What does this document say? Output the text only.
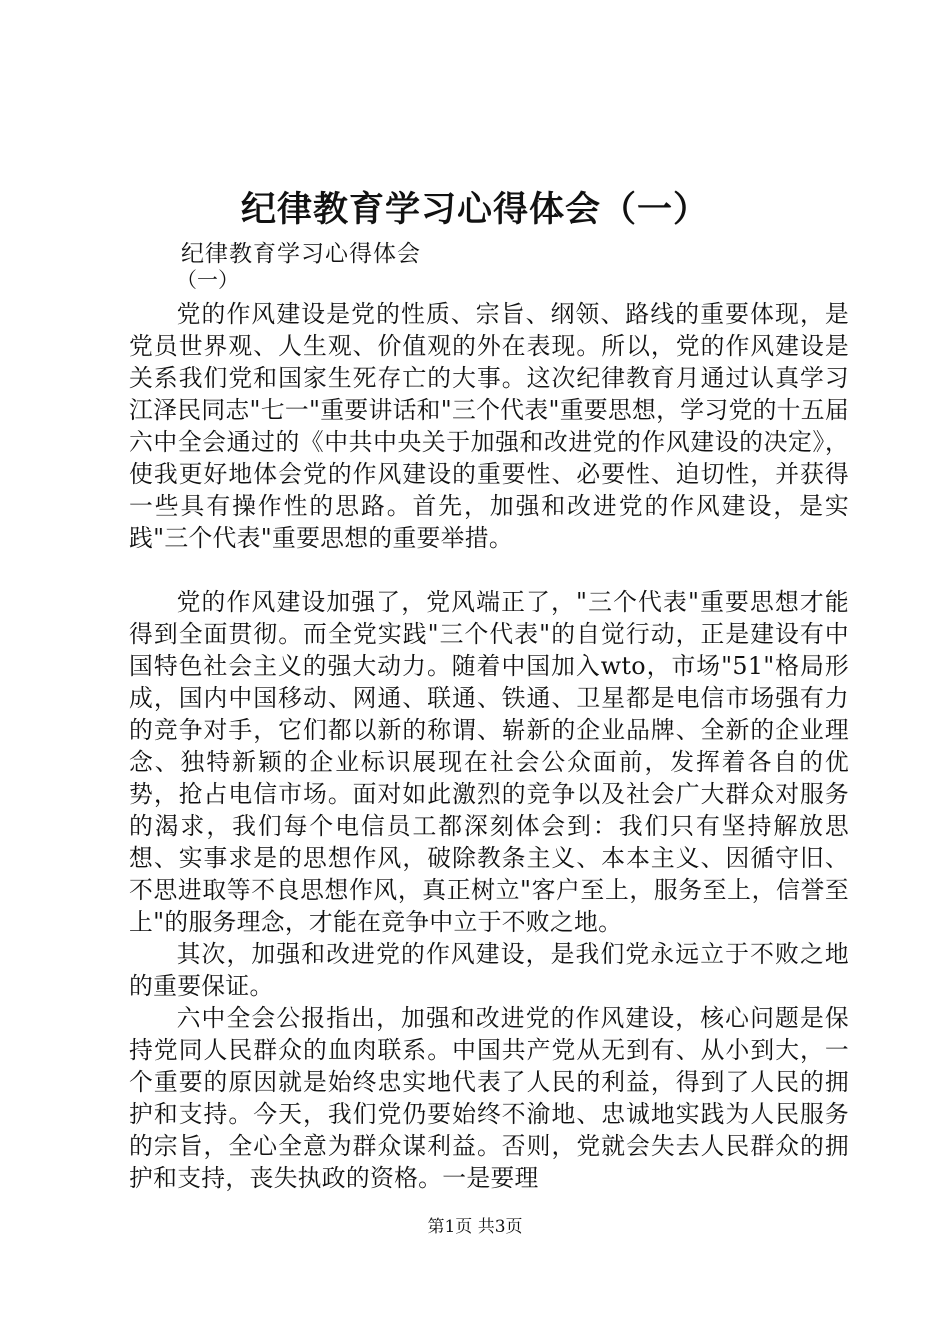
纪律教育学习心得体会（一）

纪律教育学习心得体会

（一）

党的作风建设是党的性质、宗旨、纲领、路线的重要体现，是党员世界观、人生观、价值观的外在表现。所以，党的作风建设是关系我们党和国家生死存亡的大事。这次纪律教育月通过认真学习江泽民同志"七一"重要讲话和"三个代表"重要思想，学习党的十五届六中全会通过的《中共中央关于加强和改进党的作风建设的决定》，使我更好地体会党的作风建设的重要性、必要性、迫切性，并获得一些具有操作性的思路。首先，加强和改进党的作风建设，是实践"三个代表"重要思想的重要举措。

党的作风建设加强了，党风端正了，"三个代表"重要思想才能得到全面贯彻。而全党实践"三个代表"的自觉行动，正是建设有中国特色社会主义的强大动力。随着中国加入wto，市场"51"格局形成，国内中国移动、网通、联通、铁通、卫星都是电信市场强有力的竞争对手，它们都以新的称谓、崭新的企业品牌、全新的企业理念、独特新颖的企业标识展现在社会公众面前，发挥着各自的优势，抢占电信市场。面对如此激烈的竞争以及社会广大群众对服务的渴求，我们每个电信员工都深刻体会到：我们只有坚持解放思想、实事求是的思想作风，破除教条主义、本本主义、因循守旧、不思进取等不良思想作风，真正树立"客户至上，服务至上，信誉至上"的服务理念，才能在竞争中立于不败之地。

其次，加强和改进党的作风建设，是我们党永远立于不败之地的重要保证。

六中全会公报指出，加强和改进党的作风建设，核心问题是保持党同人民群众的血肉联系。中国共产党从无到有、从小到大，一个重要的原因就是始终忠实地代表了人民的利益，得到了人民的拥护和支持。今天，我们党仍要始终不渝地、忠诚地实践为人民服务的宗旨，全心全意为群众谋利益。否则，党就会失去人民群众的拥护和支持，丧失执政的资格。一是要理

第1页 共3页
